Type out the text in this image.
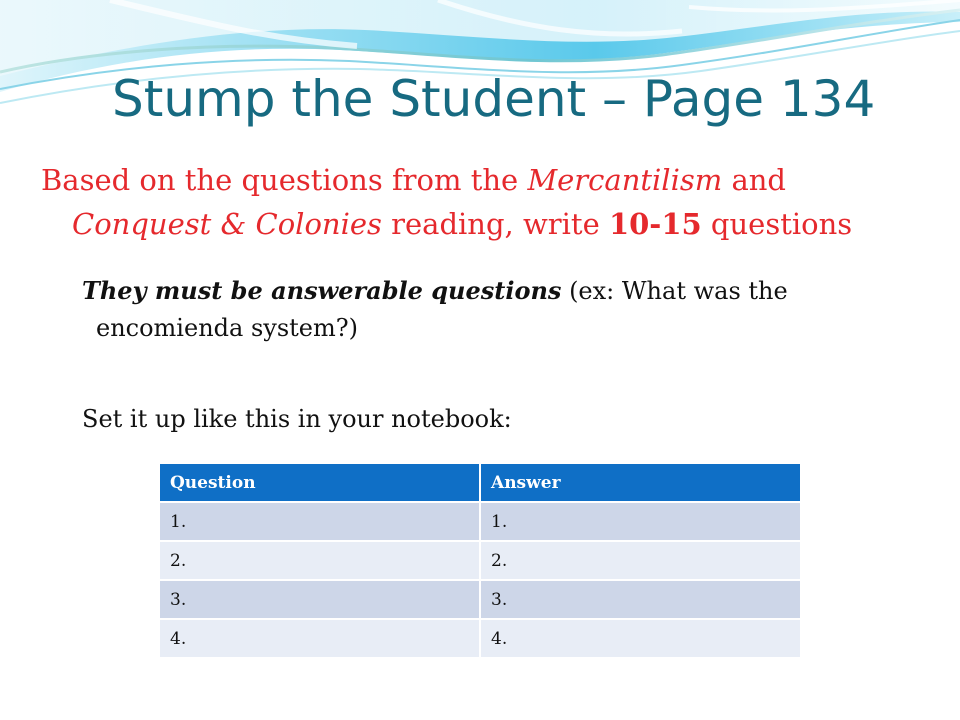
Stump the Student – Page 134

Based on the questions from the Mercantilism and
Conquest & Colonies reading, write 10-15 questions

They must be answerable questions (ex: What was the
encomienda system?)

Set it up like this in your notebook:

Question	Answer
1.	1.
2.	2.
3.	3.
4.	4.
